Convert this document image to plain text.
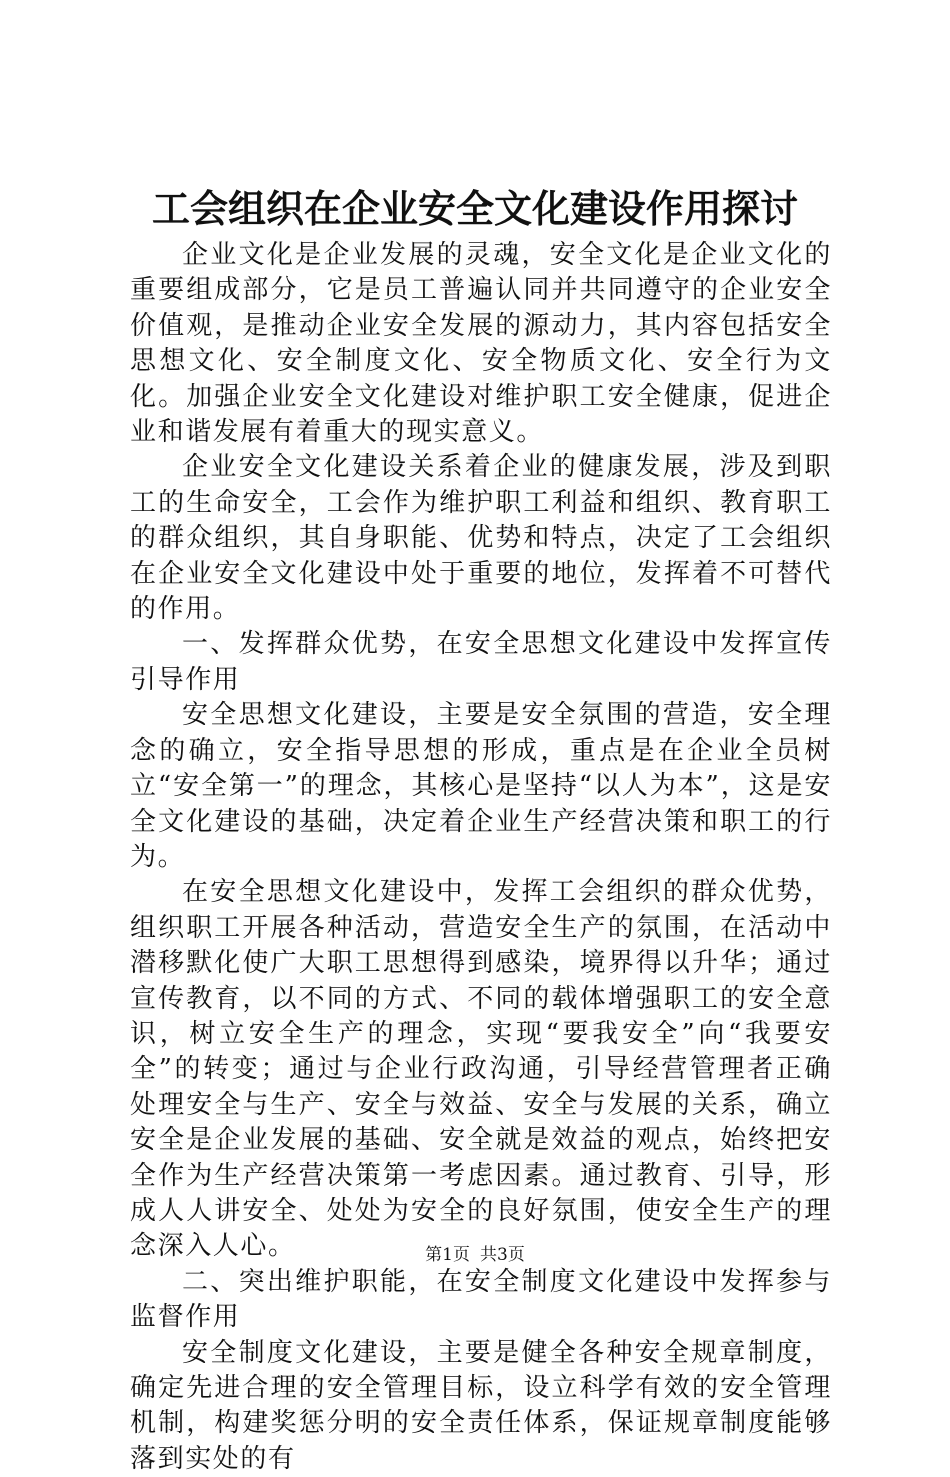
工会组织在企业安全文化建设作用探讨

企业文化是企业发展的灵魂，安全文化是企业文化的重要组成部分，它是员工普遍认同并共同遵守的企业安全价值观，是推动企业安全发展的源动力，其内容包括安全思想文化、安全制度文化、安全物质文化、安全行为文化。加强企业安全文化建设对维护职工安全健康，促进企业和谐发展有着重大的现实意义。

企业安全文化建设关系着企业的健康发展，涉及到职工的生命安全，工会作为维护职工利益和组织、教育职工的群众组织，其自身职能、优势和特点，决定了工会组织在企业安全文化建设中处于重要的地位，发挥着不可替代的作用。

一、发挥群众优势，在安全思想文化建设中发挥宣传引导作用

安全思想文化建设，主要是安全氛围的营造，安全理念的确立，安全指导思想的形成，重点是在企业全员树立“安全第一”的理念，其核心是坚持“以人为本”，这是安全文化建设的基础，决定着企业生产经营决策和职工的行为。

在安全思想文化建设中，发挥工会组织的群众优势，组织职工开展各种活动，营造安全生产的氛围，在活动中潜移默化使广大职工思想得到感染，境界得以升华；通过宣传教育，以不同的方式、不同的载体增强职工的安全意识，树立安全生产的理念，实现“要我安全”向“我要安全”的转变；通过与企业行政沟通，引导经营管理者正确处理安全与生产、安全与效益、安全与发展的关系，确立安全是企业发展的基础、安全就是效益的观点，始终把安全作为生产经营决策第一考虑因素。通过教育、引导，形成人人讲安全、处处为安全的良好氛围，使安全生产的理念深入人心。

二、突出维护职能，在安全制度文化建设中发挥参与监督作用

安全制度文化建设，主要是健全各种安全规章制度，确定先进合理的安全管理目标，设立科学有效的安全管理机制，构建奖惩分明的安全责任体系，保证规章制度能够落到实处的有

第1页 共3页
